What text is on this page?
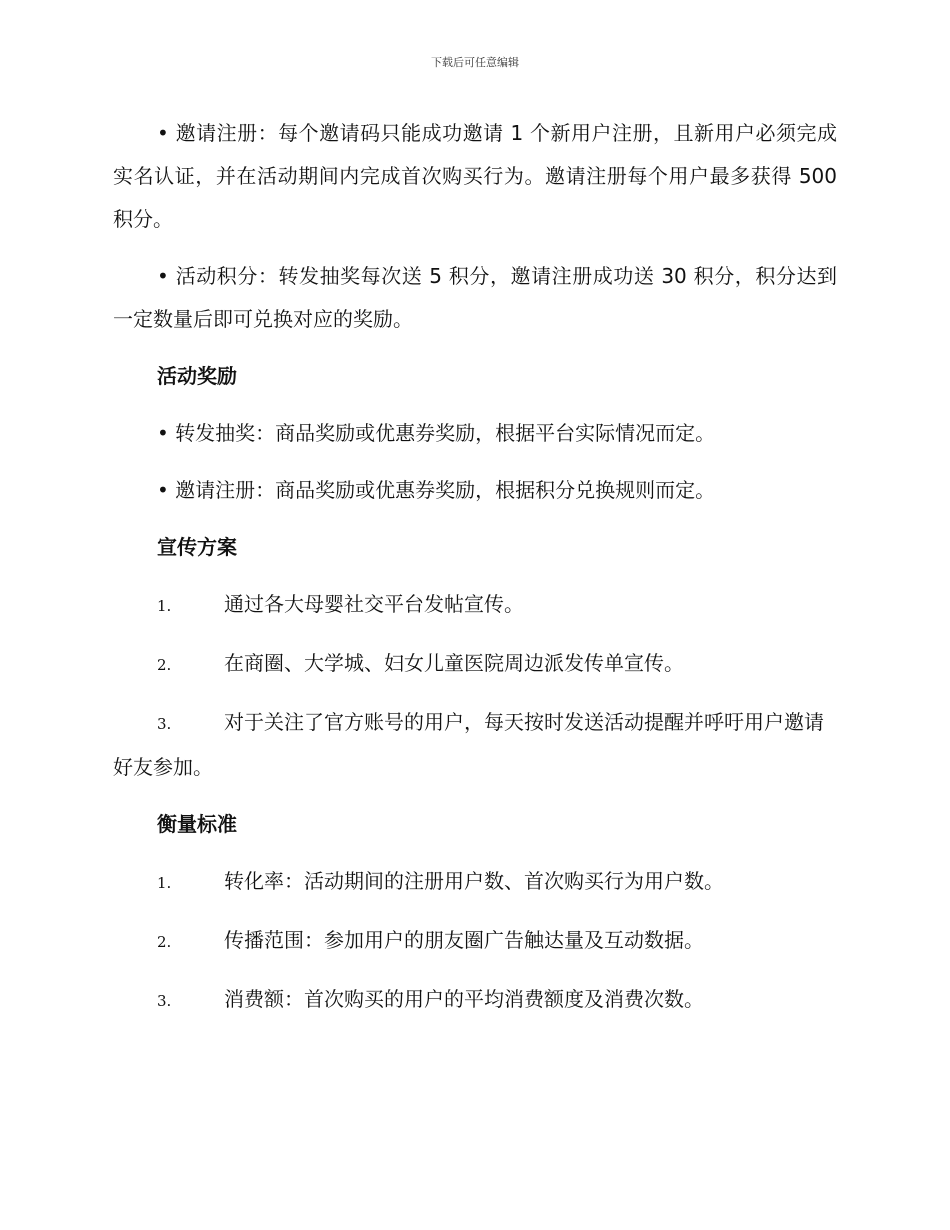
下载后可任意编辑

• 邀请注册：每个邀请码只能成功邀请 1 个新用户注册，且新用户必须完成实名认证，并在活动期间内完成首次购买行为。邀请注册每个用户最多获得 500 积分。

• 活动积分：转发抽奖每次送 5 积分，邀请注册成功送 30 积分，积分达到一定数量后即可兑换对应的奖励。

活动奖励
• 转发抽奖：商品奖励或优惠券奖励，根据平台实际情况而定。
• 邀请注册：商品奖励或优惠券奖励，根据积分兑换规则而定。
宣传方案
1.	通过各大母婴社交平台发帖宣传。
2.	在商圈、大学城、妇女儿童医院周边派发传单宣传。
3.	对于关注了官方账号的用户，每天按时发送活动提醒并呼吁用户邀请好友参加。
衡量标准
1.	转化率：活动期间的注册用户数、首次购买行为用户数。
2.	传播范围：参加用户的朋友圈广告触达量及互动数据。
3.	消费额：首次购买的用户的平均消费额度及消费次数。
